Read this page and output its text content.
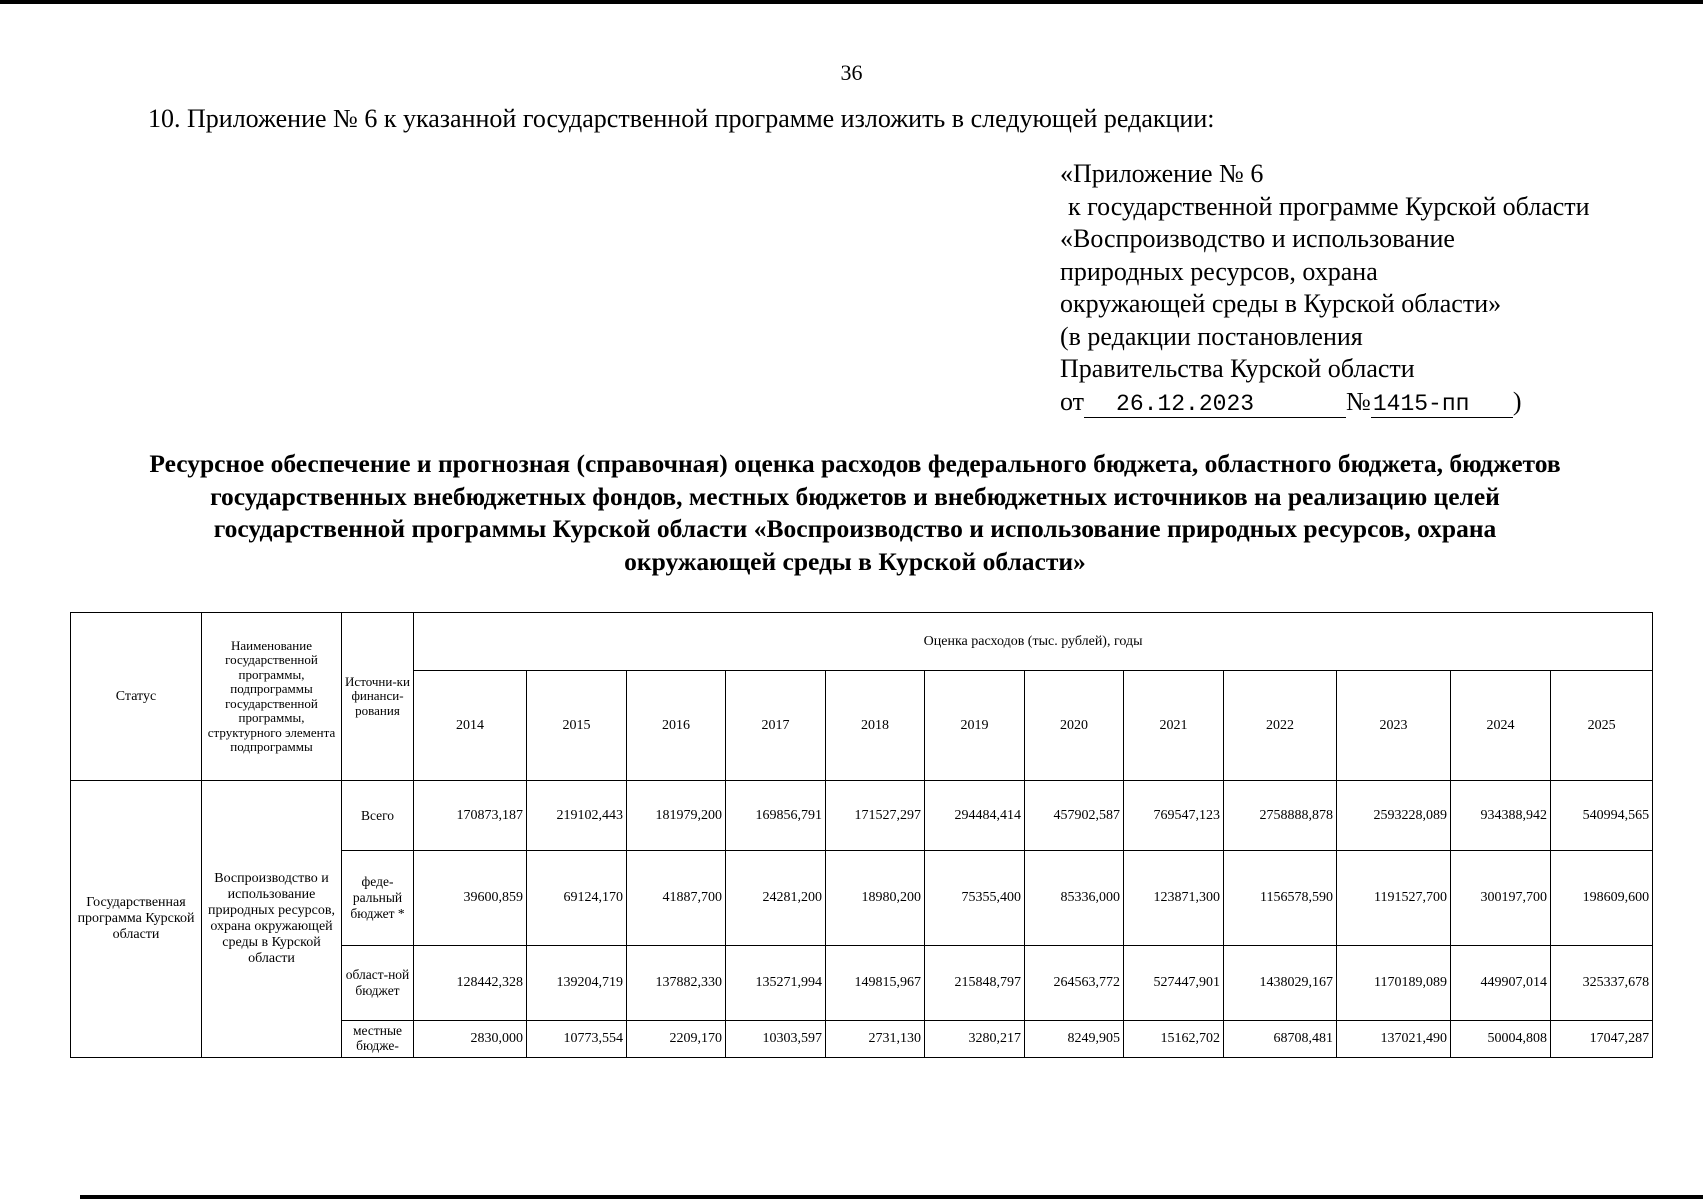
36
10. Приложение № 6 к указанной государственной программе изложить в следующей редакции:
«Приложение № 6
к государственной программе Курской области
«Воспроизводство и использование
природных ресурсов, охрана
окружающей среды в Курской области»
(в редакции постановления
Правительства Курской области
от 26.12.2023	№1415-пп )
Ресурсное обеспечение и прогнозная (справочная) оценка расходов федерального бюджета, областного бюджета, бюджетов
государственных внебюджетных фондов, местных бюджетов и внебюджетных источников на реализацию целей
государственной программы Курской области «Воспроизводство и использование природных ресурсов, охрана
окружающей среды в Курской области»
Статус	Наименование государственной программы, подпрограммы государственной программы, структурного элемента подпрограммы	Источни-ки финанси-рования	Оценка расходов (тыс. рублей), годы											
			2014	2015	2016	2017	2018	2019	2020	2021	2022	2023	2024	2025
Государственная программа Курской области	Воспроизводство и использование природных ресурсов, охрана окружающей среды в Курской области	Всего	170873,187	219102,443	181979,200	169856,791	171527,297	294484,414	457902,587	769547,123	2758888,878	2593228,089	934388,942	540994,565
		феде-ральный бюджет *	39600,859	69124,170	41887,700	24281,200	18980,200	75355,400	85336,000	123871,300	1156578,590	1191527,700	300197,700	198609,600
		област-ной бюджет	128442,328	139204,719	137882,330	135271,994	149815,967	215848,797	264563,772	527447,901	1438029,167	1170189,089	449907,014	325337,678
		местные бюдже-	2830,000	10773,554	2209,170	10303,597	2731,130	3280,217	8249,905	15162,702	68708,481	137021,490	50004,808	17047,287
